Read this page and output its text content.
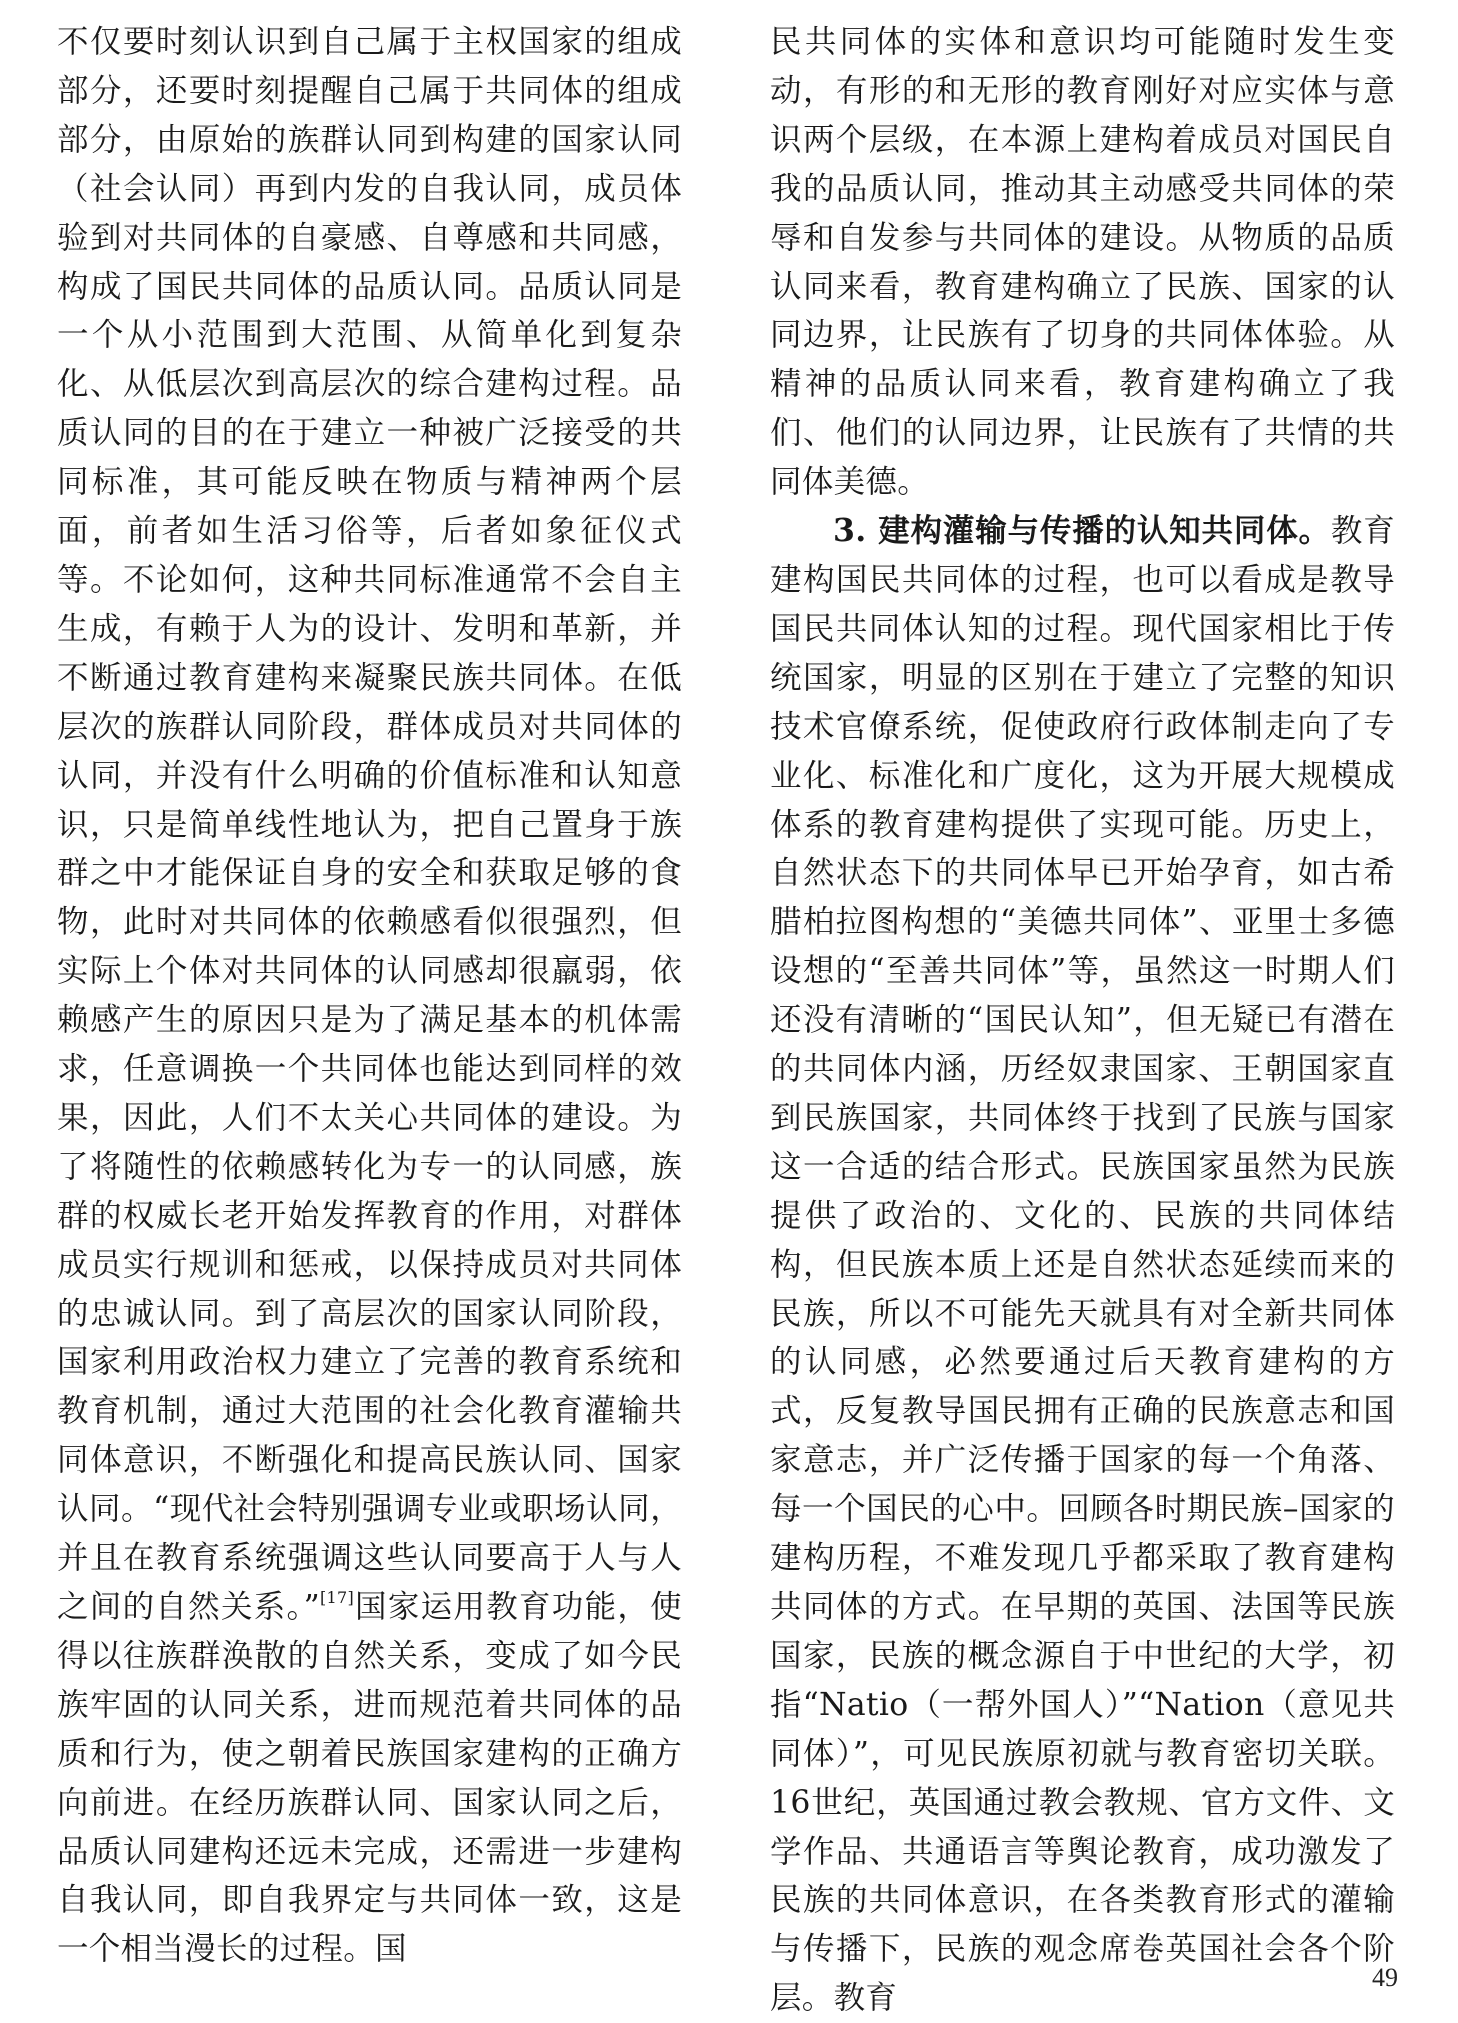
不仅要时刻认识到自己属于主权国家的组成部分，还要时刻提醒自己属于共同体的组成部分，由原始的族群认同到构建的国家认同（社会认同）再到内发的自我认同，成员体验到对共同体的自豪感、自尊感和共同感，构成了国民共同体的品质认同。品质认同是一个从小范围到大范围、从简单化到复杂化、从低层次到高层次的综合建构过程。品质认同的目的在于建立一种被广泛接受的共同标准，其可能反映在物质与精神两个层面，前者如生活习俗等，后者如象征仪式等。不论如何，这种共同标准通常不会自主生成，有赖于人为的设计、发明和革新，并不断通过教育建构来凝聚民族共同体。在低层次的族群认同阶段，群体成员对共同体的认同，并没有什么明确的价值标准和认知意识，只是简单线性地认为，把自己置身于族群之中才能保证自身的安全和获取足够的食物，此时对共同体的依赖感看似很强烈，但实际上个体对共同体的认同感却很羸弱，依赖感产生的原因只是为了满足基本的机体需求，任意调换一个共同体也能达到同样的效果，因此，人们不太关心共同体的建设。为了将随性的依赖感转化为专一的认同感，族群的权威长老开始发挥教育的作用，对群体成员实行规训和惩戒，以保持成员对共同体的忠诚认同。到了高层次的国家认同阶段，国家利用政治权力建立了完善的教育系统和教育机制，通过大范围的社会化教育灌输共同体意识，不断强化和提高民族认同、国家认同。“现代社会特别强调专业或职场认同，并且在教育系统强调这些认同要高于人与人之间的自然关系。”[17]国家运用教育功能，使得以往族群涣散的自然关系，变成了如今民族牢固的认同关系，进而规范着共同体的品质和行为，使之朝着民族国家建构的正确方向前进。在经历族群认同、国家认同之后，品质认同建构还远未完成，还需进一步建构自我认同，即自我界定与共同体一致，这是一个相当漫长的过程。国

民共同体的实体和意识均可能随时发生变动，有形的和无形的教育刚好对应实体与意识两个层级，在本源上建构着成员对国民自我的品质认同，推动其主动感受共同体的荣辱和自发参与共同体的建设。从物质的品质认同来看，教育建构确立了民族、国家的认同边界，让民族有了切身的共同体体验。从精神的品质认同来看，教育建构确立了我们、他们的认同边界，让民族有了共情的共同体美德。

3. 建构灌输与传播的认知共同体。教育建构国民共同体的过程，也可以看成是教导国民共同体认知的过程。现代国家相比于传统国家，明显的区别在于建立了完整的知识技术官僚系统，促使政府行政体制走向了专业化、标准化和广度化，这为开展大规模成体系的教育建构提供了实现可能。历史上，自然状态下的共同体早已开始孕育，如古希腊柏拉图构想的“美德共同体”、亚里士多德设想的“至善共同体”等，虽然这一时期人们还没有清晰的“国民认知”，但无疑已有潜在的共同体内涵，历经奴隶国家、王朝国家直到民族国家，共同体终于找到了民族与国家这一合适的结合形式。民族国家虽然为民族提供了政治的、文化的、民族的共同体结构，但民族本质上还是自然状态延续而来的民族，所以不可能先天就具有对全新共同体的认同感，必然要通过后天教育建构的方式，反复教导国民拥有正确的民族意志和国家意志，并广泛传播于国家的每一个角落、每一个国民的心中。回顾各时期民族–国家的建构历程，不难发现几乎都采取了教育建构共同体的方式。在早期的英国、法国等民族国家，民族的概念源自于中世纪的大学，初指“Natio（一帮外国人）”“Nation（意见共同体）”，可见民族原初就与教育密切关联。16世纪，英国通过教会教规、官方文件、文学作品、共通语言等舆论教育，成功激发了民族的共同体意识，在各类教育形式的灌输与传播下，民族的观念席卷英国社会各个阶层。教育

49
